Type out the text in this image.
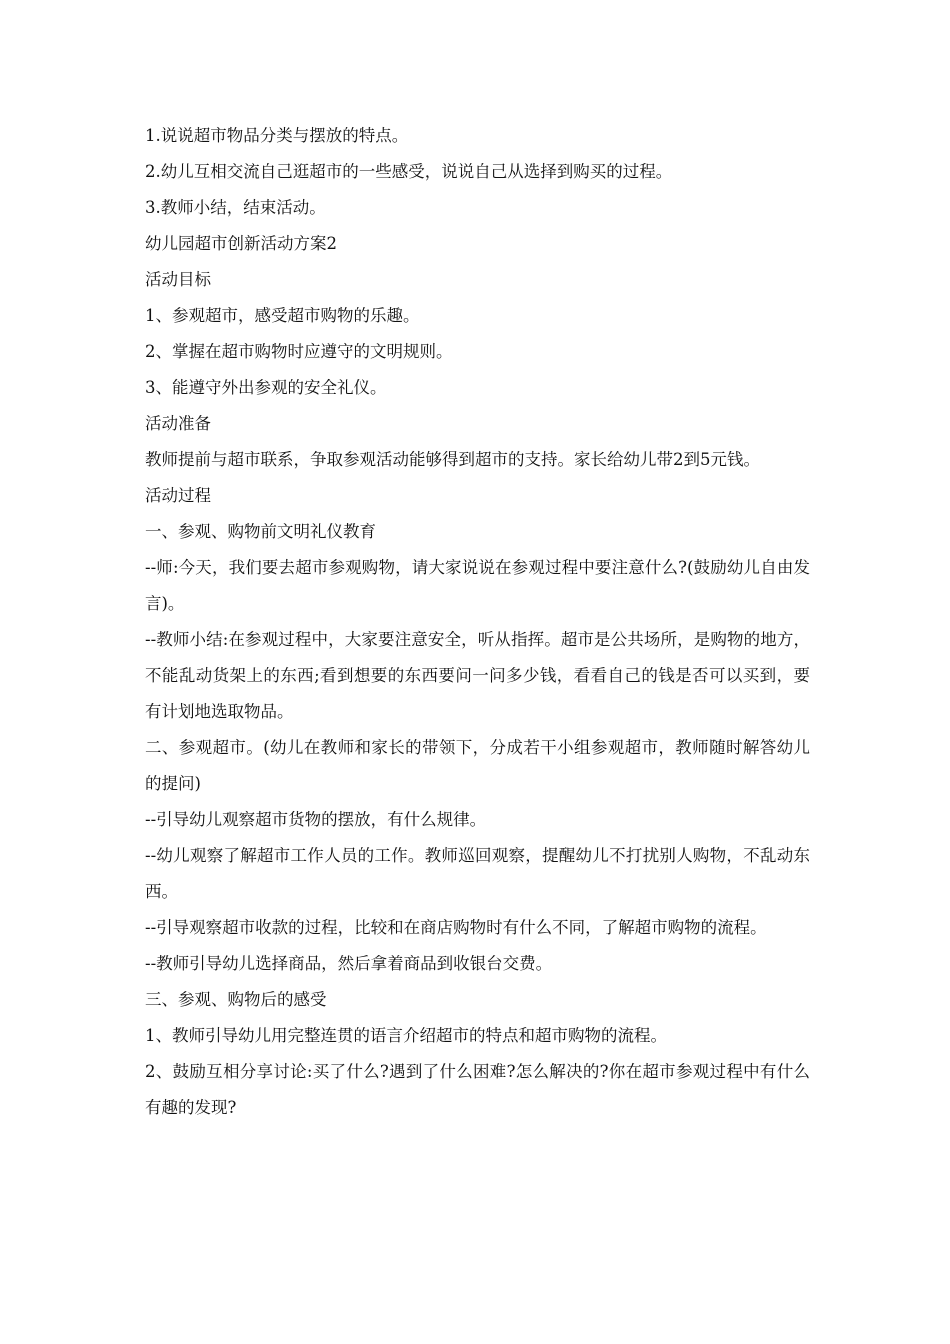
1.说说超市物品分类与摆放的特点。

2.幼儿互相交流自己逛超市的一些感受，说说自己从选择到购买的过程。

3.教师小结，结束活动。

幼儿园超市创新活动方案2

活动目标

1、参观超市，感受超市购物的乐趣。

2、掌握在超市购物时应遵守的文明规则。

3、能遵守外出参观的安全礼仪。

活动准备

教师提前与超市联系，争取参观活动能够得到超市的支持。家长给幼儿带2到5元钱。

活动过程

一、参观、购物前文明礼仪教育

--师:今天，我们要去超市参观购物，请大家说说在参观过程中要注意什么?(鼓励幼儿自由发言)。

--教师小结:在参观过程中，大家要注意安全，听从指挥。超市是公共场所，是购物的地方，不能乱动货架上的东西;看到想要的东西要问一问多少钱，看看自己的钱是否可以买到，要有计划地选取物品。

二、参观超市。(幼儿在教师和家长的带领下，分成若干小组参观超市，教师随时解答幼儿的提问)

--引导幼儿观察超市货物的摆放，有什么规律。

--幼儿观察了解超市工作人员的工作。教师巡回观察，提醒幼儿不打扰别人购物，不乱动东西。

--引导观察超市收款的过程，比较和在商店购物时有什么不同，了解超市购物的流程。

--教师引导幼儿选择商品，然后拿着商品到收银台交费。

三、参观、购物后的感受

1、教师引导幼儿用完整连贯的语言介绍超市的特点和超市购物的流程。

2、鼓励互相分享讨论:买了什么?遇到了什么困难?怎么解决的?你在超市参观过程中有什么有趣的发现?
